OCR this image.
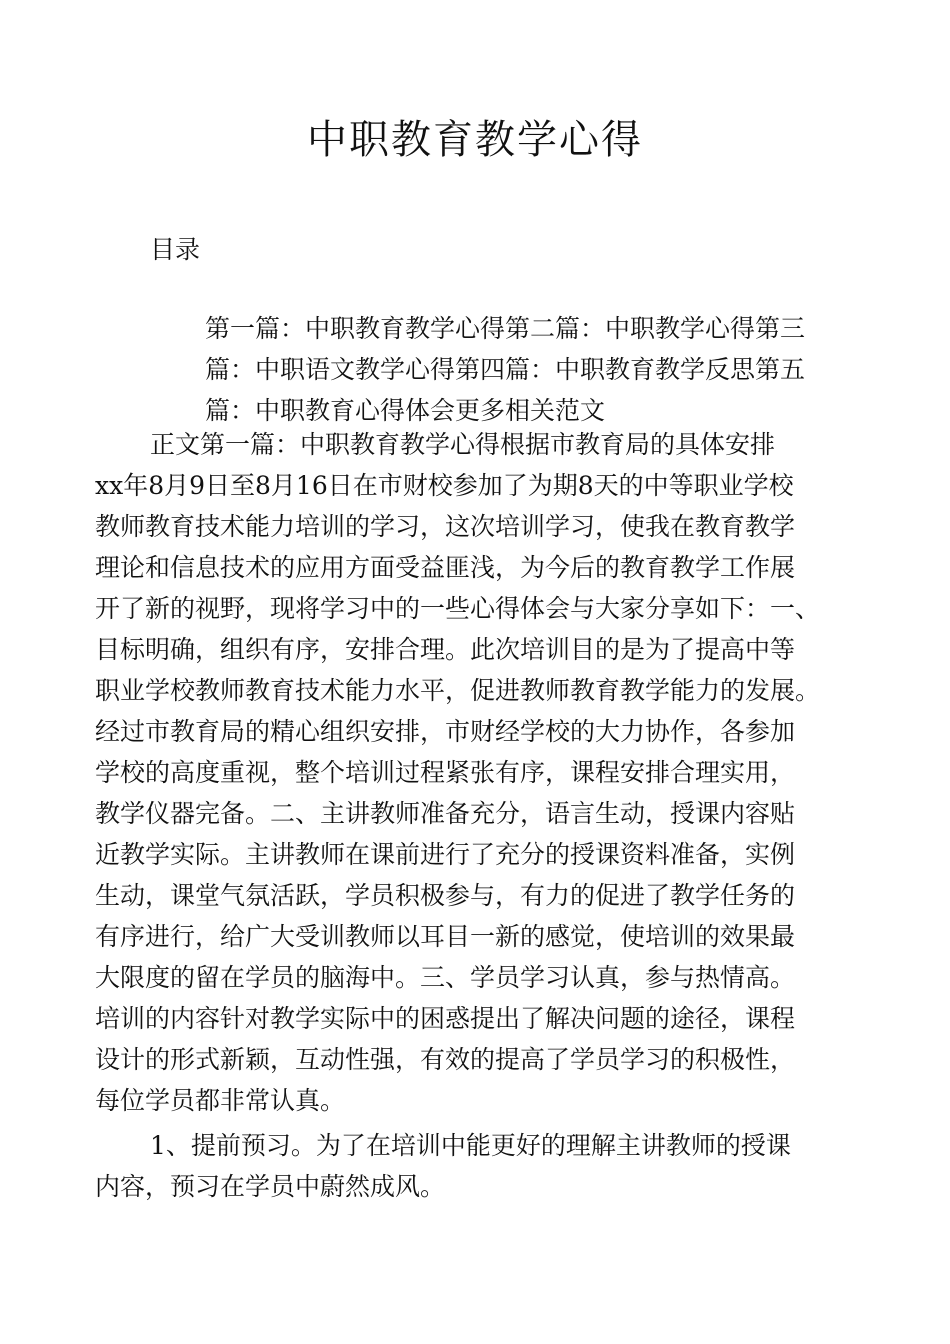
中职教育教学心得
目录
第一篇：中职教育教学心得第二篇：中职教学心得第三
篇：中职语文教学心得第四篇：中职教育教学反思第五
篇：中职教育心得体会更多相关范文
正文第一篇：中职教育教学心得根据市教育局的具体安排
xx年8月9日至8月16日在市财校参加了为期8天的中等职业学校
教师教育技术能力培训的学习，这次培训学习，使我在教育教学
理论和信息技术的应用方面受益匪浅，为今后的教育教学工作展
开了新的视野，现将学习中的一些心得体会与大家分享如下：一、
目标明确，组织有序，安排合理。此次培训目的是为了提高中等
职业学校教师教育技术能力水平，促进教师教育教学能力的发展。
经过市教育局的精心组织安排，市财经学校的大力协作，各参加
学校的高度重视，整个培训过程紧张有序，课程安排合理实用，
教学仪器完备。二、主讲教师准备充分，语言生动，授课内容贴
近教学实际。主讲教师在课前进行了充分的授课资料准备，实例
生动，课堂气氛活跃，学员积极参与，有力的促进了教学任务的
有序进行，给广大受训教师以耳目一新的感觉，使培训的效果最
大限度的留在学员的脑海中。三、学员学习认真，参与热情高。
培训的内容针对教学实际中的困惑提出了解决问题的途径，课程
设计的形式新颖，互动性强，有效的提高了学员学习的积极性，
每位学员都非常认真。
1、提前预习。为了在培训中能更好的理解主讲教师的授课
内容，预习在学员中蔚然成风。
